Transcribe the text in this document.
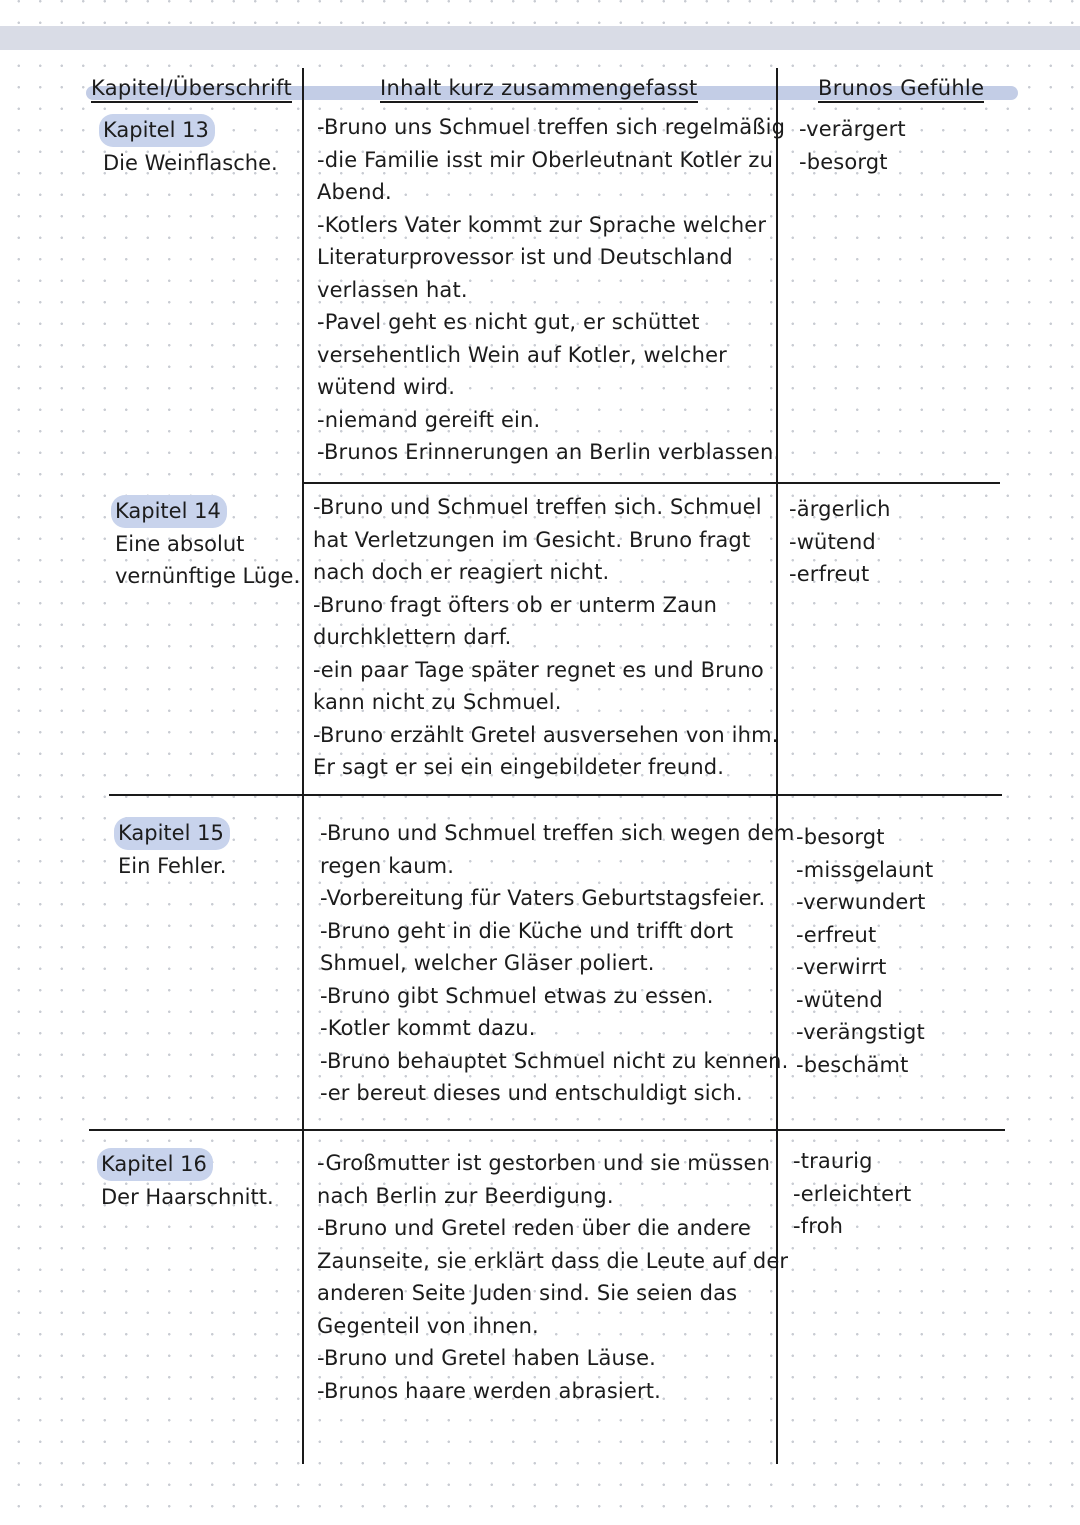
Kapitel/Überschrift	Inhalt kurz zusammengefasst	Brunos Gefühle
Kapitel 13
Die Weinflasche.
-Bruno uns Schmuel treffen sich regelmäßig
-die Familie isst mir Oberleutnant Kotler zu
Abend.
-Kotlers Vater kommt zur Sprache welcher
Literaturprovessor ist und Deutschland
verlassen hat.
-Pavel geht es nicht gut, er schüttet
versehentlich Wein auf Kotler, welcher
wütend wird.
-niemand gereift ein.
-Brunos Erinnerungen an Berlin verblassen.
-verärgert
-besorgt
Kapitel 14
Eine absolut
vernünftige Lüge.
-Bruno und Schmuel treffen sich. Schmuel
hat Verletzungen im Gesicht. Bruno fragt
nach doch er reagiert nicht.
-Bruno fragt öfters ob er unterm Zaun
durchklettern darf.
-ein paar Tage später regnet es und Bruno
kann nicht zu Schmuel.
-Bruno erzählt Gretel ausversehen von ihm.
Er sagt er sei ein eingebildeter freund.
-ärgerlich
-wütend
-erfreut
Kapitel 15
Ein Fehler.
-Bruno und Schmuel treffen sich wegen dem
regen kaum.
-Vorbereitung für Vaters Geburtstagsfeier.
-Bruno geht in die Küche und trifft dort
Shmuel, welcher Gläser poliert.
-Bruno gibt Schmuel etwas zu essen.
-Kotler kommt dazu.
-Bruno behauptet Schmuel nicht zu kennen.
-er bereut dieses und entschuldigt sich.
-besorgt
-missgelaunt
-verwundert
-erfreut
-verwirrt
-wütend
-verängstigt
-beschämt
Kapitel 16
Der Haarschnitt.
-Großmutter ist gestorben und sie müssen
nach Berlin zur Beerdigung.
-Bruno und Gretel reden über die andere
Zaunseite, sie erklärt dass die Leute auf der
anderen Seite Juden sind. Sie seien das
Gegenteil von ihnen.
-Bruno und Gretel haben Läuse.
-Brunos haare werden abrasiert.
-traurig
-erleichtert
-froh
